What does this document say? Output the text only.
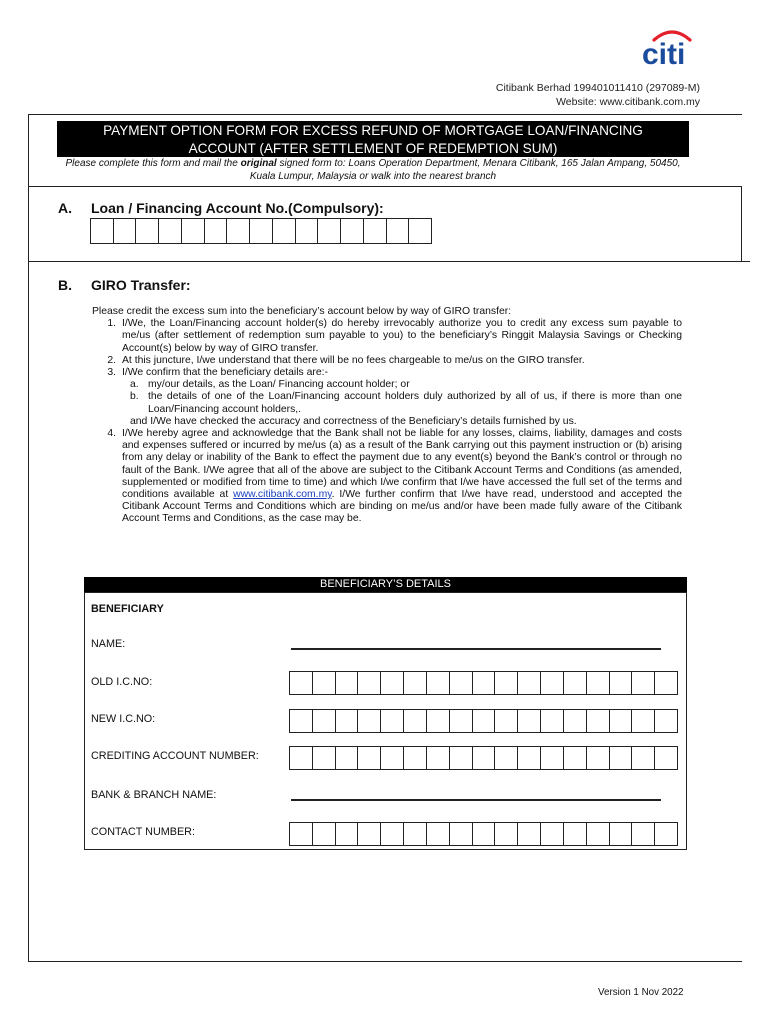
citi
Citibank Berhad 199401011410 (297089-M)
Website: www.citibank.com.my
PAYMENT OPTION FORM FOR EXCESS REFUND OF MORTGAGE LOAN/FINANCING
ACCOUNT (AFTER SETTLEMENT OF REDEMPTION SUM)
Please complete this form and mail the original signed form to: Loans Operation Department, Menara Citibank, 165 Jalan Ampang, 50450,
Kuala Lumpur, Malaysia or walk into the nearest branch
A. Loan / Financing Account No.(Compulsory):
B. GIRO Transfer:

Please credit the excess sum into the beneficiary’s account below by way of GIRO transfer:

1. I/We, the Loan/Financing account holder(s) do hereby irrevocably authorize you to credit any excess sum payable to me/us (after settlement of redemption sum payable to you) to the beneficiary’s Ringgit Malaysia Savings or Checking Account(s) below by way of GIRO transfer.
2. At this juncture, I/we understand that there will be no fees chargeable to me/us on the GIRO transfer.
3. I/We confirm that the beneficiary details are:-
a. my/our details, as the Loan/ Financing account holder; or
b. the details of one of the Loan/Financing account holders duly authorized by all of us, if there is more than one Loan/Financing account holders,.

and I/We have checked the accuracy and correctness of the Beneficiary’s details furnished by us.

4. I/We hereby agree and acknowledge that the Bank shall not be liable for any losses, claims, liability, damages and costs and expenses suffered or incurred by me/us (a) as a result of the Bank carrying out this payment instruction or (b) arising from any delay or inability of the Bank to effect the payment due to any event(s) beyond the Bank’s control or through no fault of the Bank. I/We agree that all of the above are subject to the Citibank Account Terms and Conditions (as amended, supplemented or modified from time to time) and which I/we confirm that I/we have accessed the full set of the terms and conditions available at www.citibank.com.my. I/We further confirm that I/we have read, understood and accepted the Citibank Account Terms and Conditions which are binding on me/us and/or have been made fully aware of the Citibank Account Terms and Conditions, as the case may be.
BENEFICIARY’S DETAILS
BENEFICIARY
NAME:
OLD I.C.NO:
NEW I.C.NO:
CREDITING ACCOUNT NUMBER:
BANK & BRANCH NAME:
CONTACT NUMBER:
Version 1 Nov 2022
